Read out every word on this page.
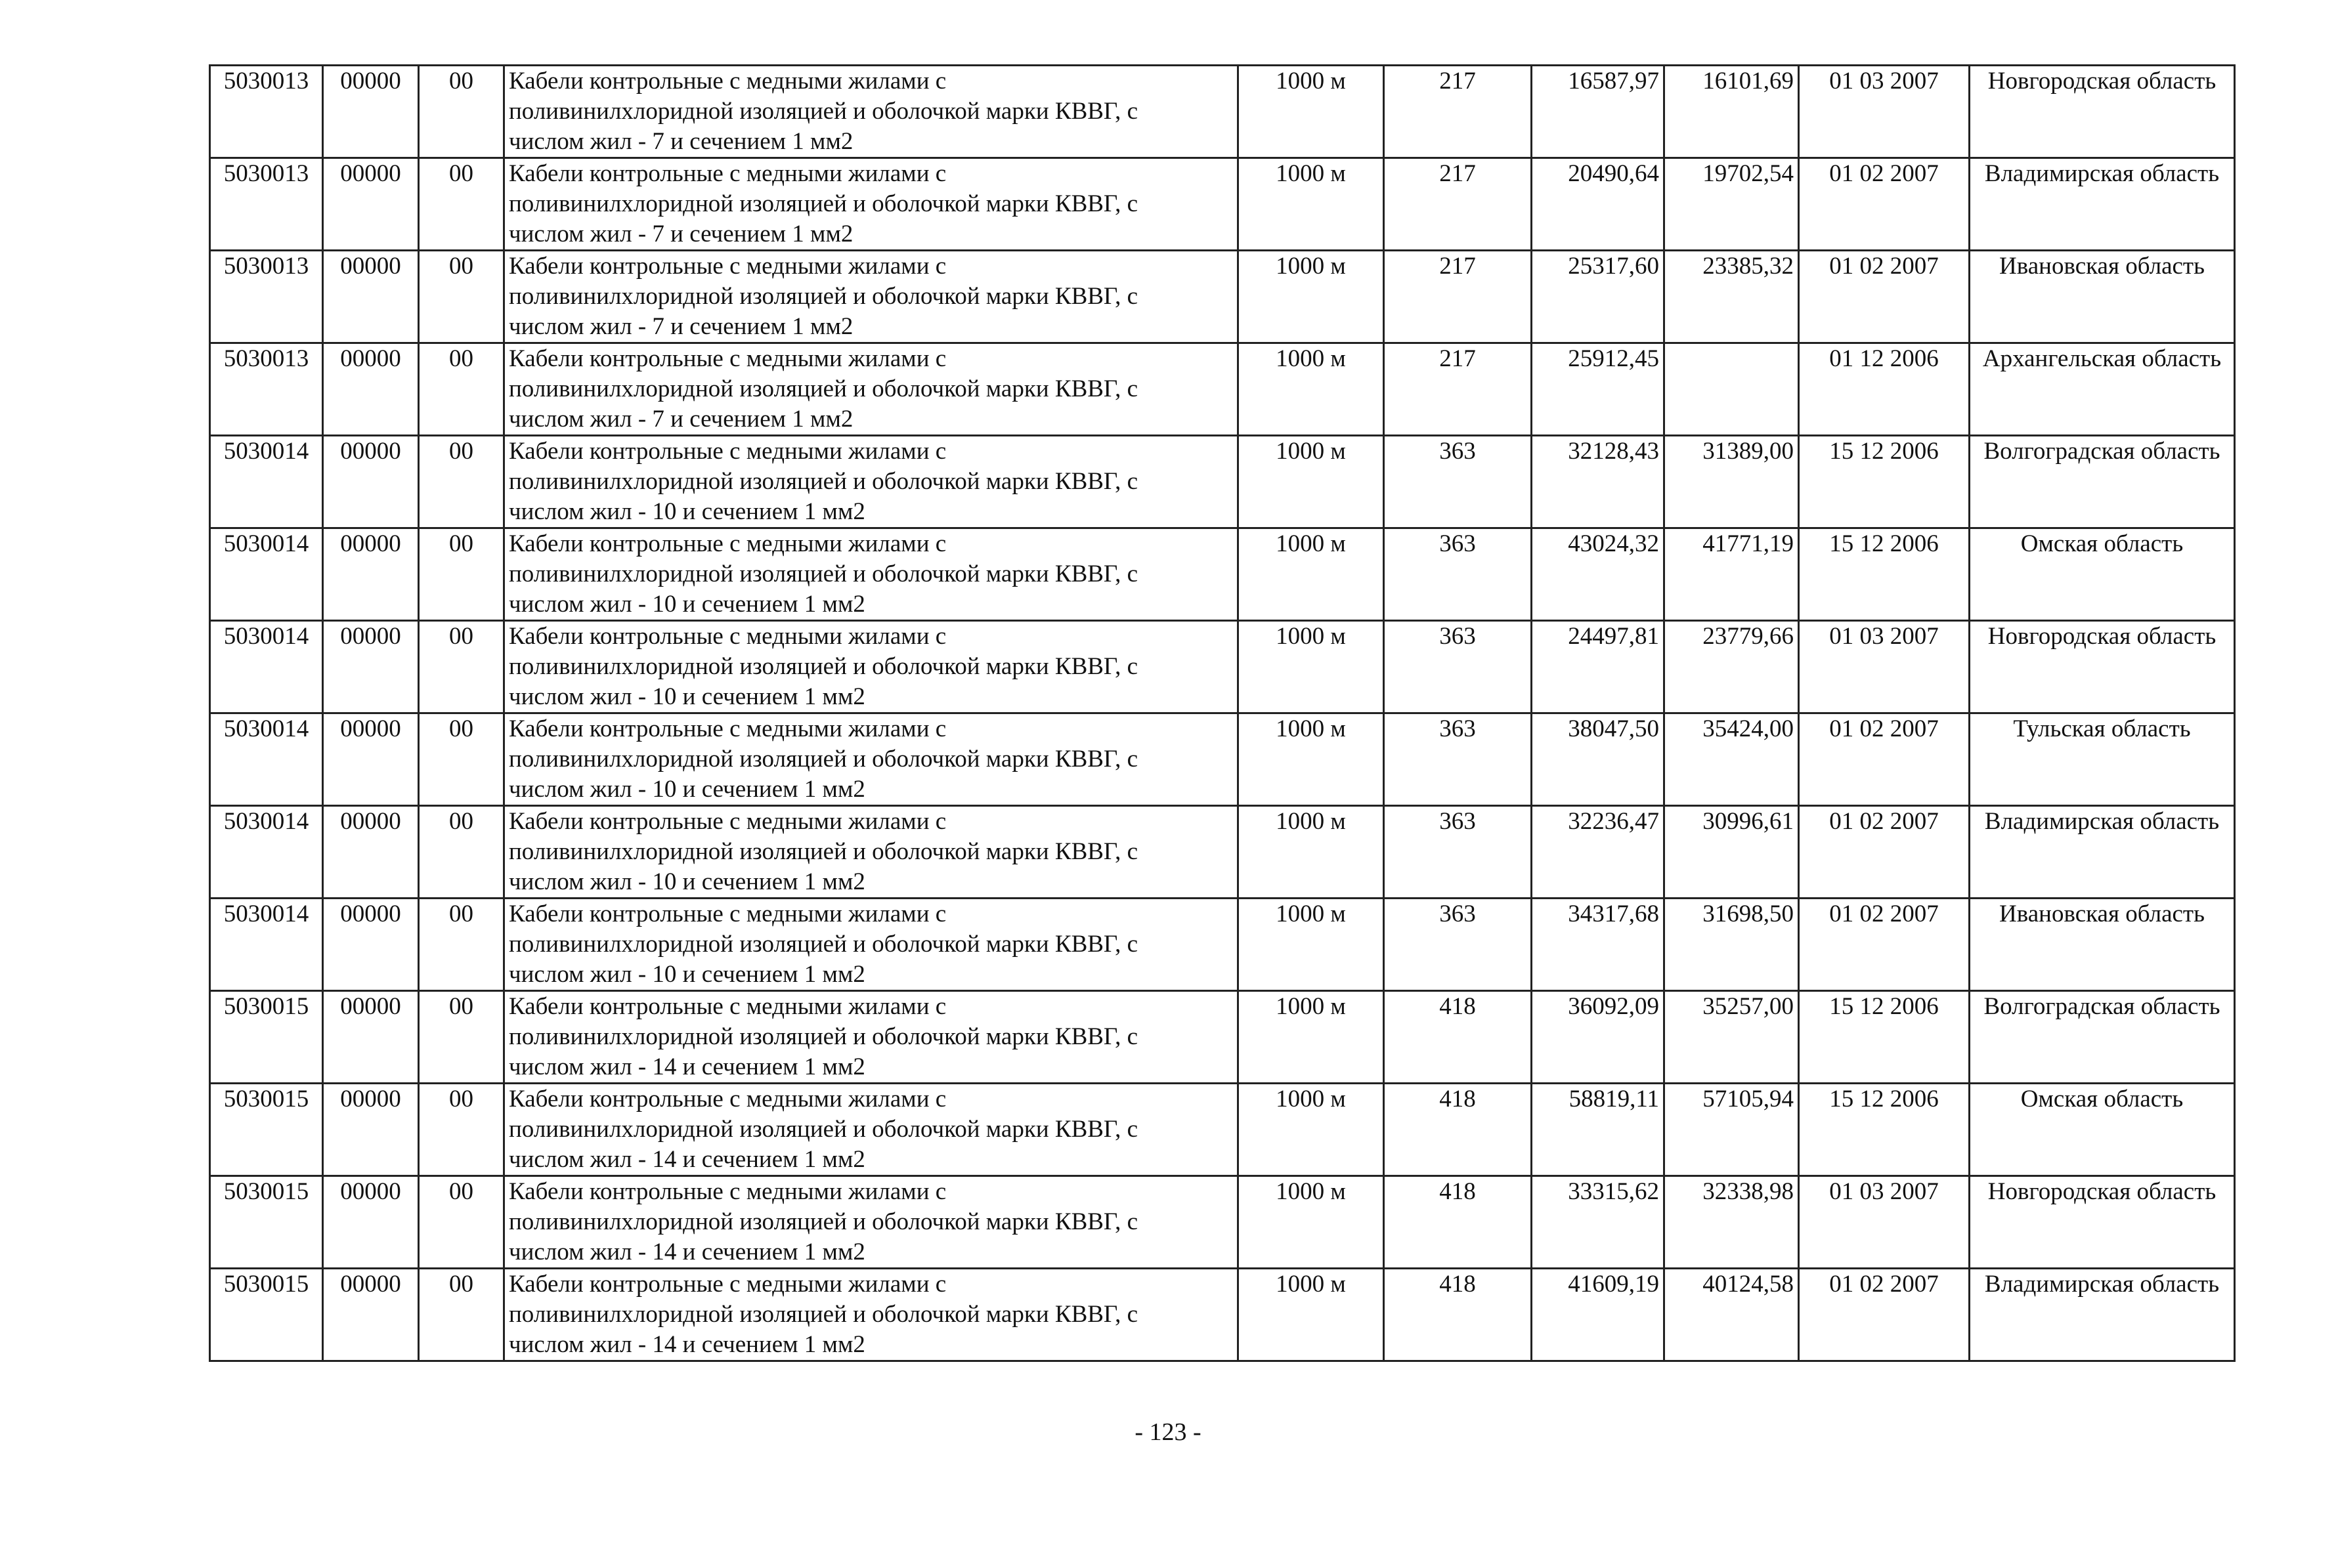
5030013	00000	00	Кабели контрольные с медными жилами с
поливинилхлоридной изоляцией и оболочкой марки КВВГ, с
числом жил - 7 и сечением 1 мм2	1000 м	217	16587,97	16101,69	01 03 2007	Новгородская область
5030013	00000	00	Кабели контрольные с медными жилами с
поливинилхлоридной изоляцией и оболочкой марки КВВГ, с
числом жил - 7 и сечением 1 мм2	1000 м	217	20490,64	19702,54	01 02 2007	Владимирская область
5030013	00000	00	Кабели контрольные с медными жилами с
поливинилхлоридной изоляцией и оболочкой марки КВВГ, с
числом жил - 7 и сечением 1 мм2	1000 м	217	25317,60	23385,32	01 02 2007	Ивановская область
5030013	00000	00	Кабели контрольные с медными жилами с
поливинилхлоридной изоляцией и оболочкой марки КВВГ, с
числом жил - 7 и сечением 1 мм2	1000 м	217	25912,45		01 12 2006	Архангельская область
5030014	00000	00	Кабели контрольные с медными жилами с
поливинилхлоридной изоляцией и оболочкой марки КВВГ, с
числом жил - 10 и сечением 1 мм2	1000 м	363	32128,43	31389,00	15 12 2006	Волгоградская область
5030014	00000	00	Кабели контрольные с медными жилами с
поливинилхлоридной изоляцией и оболочкой марки КВВГ, с
числом жил - 10 и сечением 1 мм2	1000 м	363	43024,32	41771,19	15 12 2006	Омская область
5030014	00000	00	Кабели контрольные с медными жилами с
поливинилхлоридной изоляцией и оболочкой марки КВВГ, с
числом жил - 10 и сечением 1 мм2	1000 м	363	24497,81	23779,66	01 03 2007	Новгородская область
5030014	00000	00	Кабели контрольные с медными жилами с
поливинилхлоридной изоляцией и оболочкой марки КВВГ, с
числом жил - 10 и сечением 1 мм2	1000 м	363	38047,50	35424,00	01 02 2007	Тульская область
5030014	00000	00	Кабели контрольные с медными жилами с
поливинилхлоридной изоляцией и оболочкой марки КВВГ, с
числом жил - 10 и сечением 1 мм2	1000 м	363	32236,47	30996,61	01 02 2007	Владимирская область
5030014	00000	00	Кабели контрольные с медными жилами с
поливинилхлоридной изоляцией и оболочкой марки КВВГ, с
числом жил - 10 и сечением 1 мм2	1000 м	363	34317,68	31698,50	01 02 2007	Ивановская область
5030015	00000	00	Кабели контрольные с медными жилами с
поливинилхлоридной изоляцией и оболочкой марки КВВГ, с
числом жил - 14 и сечением 1 мм2	1000 м	418	36092,09	35257,00	15 12 2006	Волгоградская область
5030015	00000	00	Кабели контрольные с медными жилами с
поливинилхлоридной изоляцией и оболочкой марки КВВГ, с
числом жил - 14 и сечением 1 мм2	1000 м	418	58819,11	57105,94	15 12 2006	Омская область
5030015	00000	00	Кабели контрольные с медными жилами с
поливинилхлоридной изоляцией и оболочкой марки КВВГ, с
числом жил - 14 и сечением 1 мм2	1000 м	418	33315,62	32338,98	01 03 2007	Новгородская область
5030015	00000	00	Кабели контрольные с медными жилами с
поливинилхлоридной изоляцией и оболочкой марки КВВГ, с
числом жил - 14 и сечением 1 мм2	1000 м	418	41609,19	40124,58	01 02 2007	Владимирская область
- 123 -
